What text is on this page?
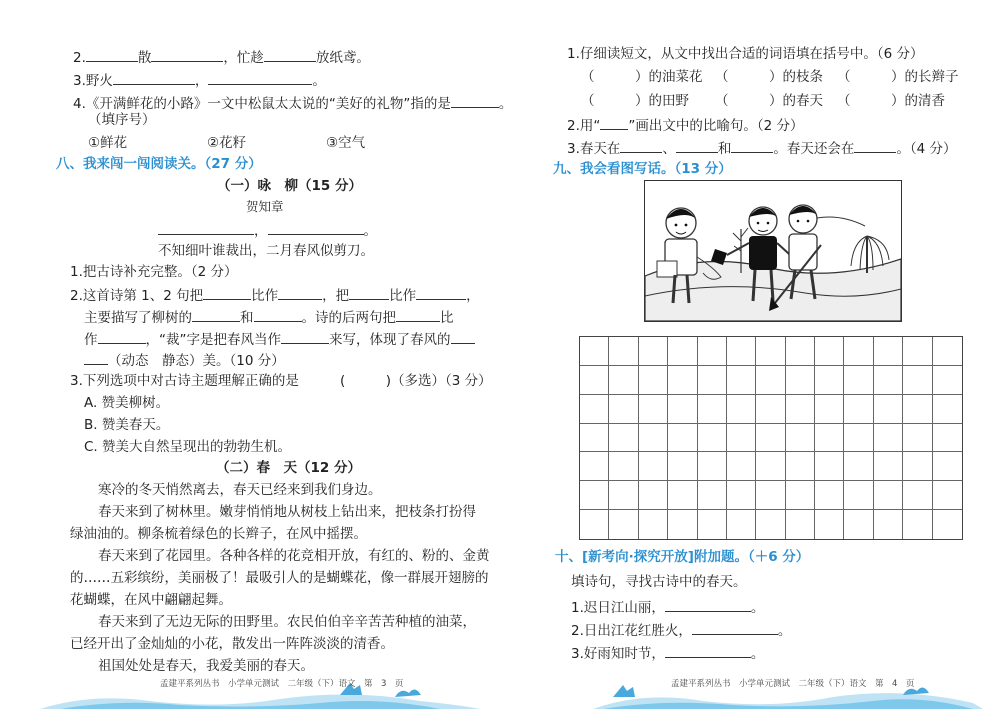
2.	散	，忙趁	放纸鸢。
3.野火	，	。
4.《开满鲜花的小路》一文中松鼠太太说的“美好的礼物”指的是	。
（填序号）
①鲜花	②花籽	③空气
八、我来闯一闯阅读关。（27 分）
（一）咏　柳（15 分）
贺知章
，	。
不知细叶谁裁出，二月春风似剪刀。
1.把古诗补充完整。（2 分）
2.这首诗第 1、2 句把	比作	，把	比作	，
主要描写了柳树的	和	。诗的后两句把	比
作	，“裁”字是把春风当作	来写，体现了春风的
（动态　静态）美。（10 分）
3.下列选项中对古诗主题理解正确的是	(　　　)（多选）（3 分）
A. 赞美柳树。
B. 赞美春天。
C. 赞美大自然呈现出的勃勃生机。
（二）春　天（12 分）
寒冷的冬天悄然离去，春天已经来到我们身边。
春天来到了树林里。嫩芽悄悄地从树枝上钻出来，把枝条打扮得
绿油油的。柳条梳着绿色的长辫子，在风中摇摆。
春天来到了花园里。各种各样的花竞相开放，有红的、粉的、金黄
的……五彩缤纷，美丽极了！最吸引人的是蝴蝶花，像一群展开翅膀的
花蝴蝶，在风中翩翩起舞。
春天来到了无边无际的田野里。农民伯伯辛辛苦苦种植的油菜，
已经开出了金灿灿的小花，散发出一阵阵淡淡的清香。
祖国处处是春天，我爱美丽的春天。
孟建平系列丛书　小学单元测试　二年级（下）语文　第　3　页
1.仔细读短文，从文中找出合适的词语填在括号中。（6 分）
（　　　）的油菜花 （　　　）的枝条 （　　　）的长辫子
（　　　）的田野 （　　　）的春天 （　　　）的清香
2.用“ ”画出文中的比喻句。（2 分）
3.春天在	、	和	。春天还会在	。（4 分）
九、我会看图写话。（13 分）
十、[新考向·探究开放]附加题。（＋6 分）
填诗句，寻找古诗中的春天。
1.迟日江山丽，	。
2.日出江花红胜火，	。
3.好雨知时节，	。
孟建平系列丛书　小学单元测试　二年级（下）语文　第　4　页
